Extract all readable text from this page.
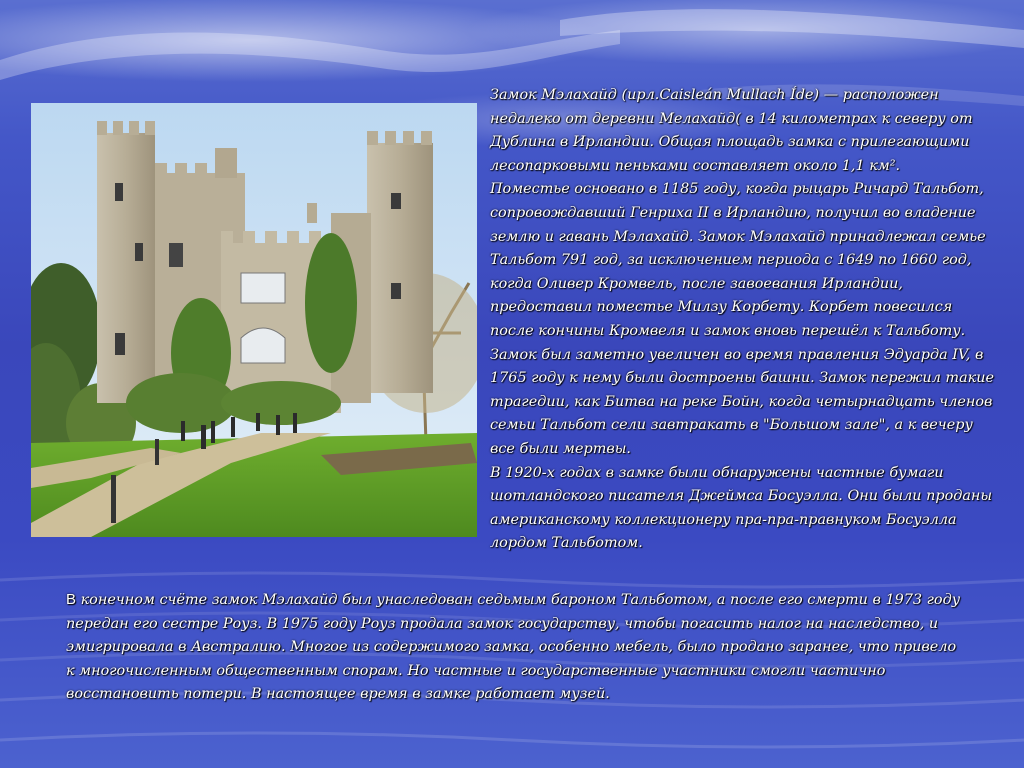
Замок Мэлахайд (ирл.Caisleán Mullach Íde) — расположен недалеко от деревни Мелахайд( в 14 километрах к северу от Дублина в Ирландии. Общая площадь замка с прилегающими лесопарковыми пеньками составляет около 1,1 км².
Поместье основано в 1185 году, когда рыцарь Ричард Тальбот, сопровождавший Генриха II в Ирландию, получил во владение землю и гавань Мэлахайд. Замок Мэлахайд принадлежал семье Тальбот 791 год, за исключением периода с 1649 по 1660 год, когда Оливер Кромвель, после завоевания Ирландии, предоставил поместье Милзу Корбету. Корбет повесился после кончины Кромвеля и замок вновь перешёл к Тальботу. Замок был заметно увеличен во время правления Эдуарда IV, в 1765 году к нему были достроены башни. Замок пережил такие трагедии, как Битва на реке Бойн, когда четырнадцать членов семьи Тальбот сели завтракать в "Большом зале", а к вечеру все были мертвы.
В 1920-х годах в замке были обнаружены частные бумаги шотландского писателя Джеймса Босуэлла. Они были проданы американскому коллекционеру пра-пра-правнуком Босуэлла лордом Тальботом.

В конечном счёте замок Мэлахайд был унаследован седьмым бароном Тальботом, а после его смерти в 1973 году передан его сестре Роуз. В 1975 году Роуз продала замок государству, чтобы погасить налог на наследство, и эмигрировала в Австралию. Многое из содержимого замка, особенно мебель, было продано заранее, что привело к многочисленным общественным спорам. Но частные и государственные участники смогли частично восстановить потери. В настоящее время в замке работает музей.
